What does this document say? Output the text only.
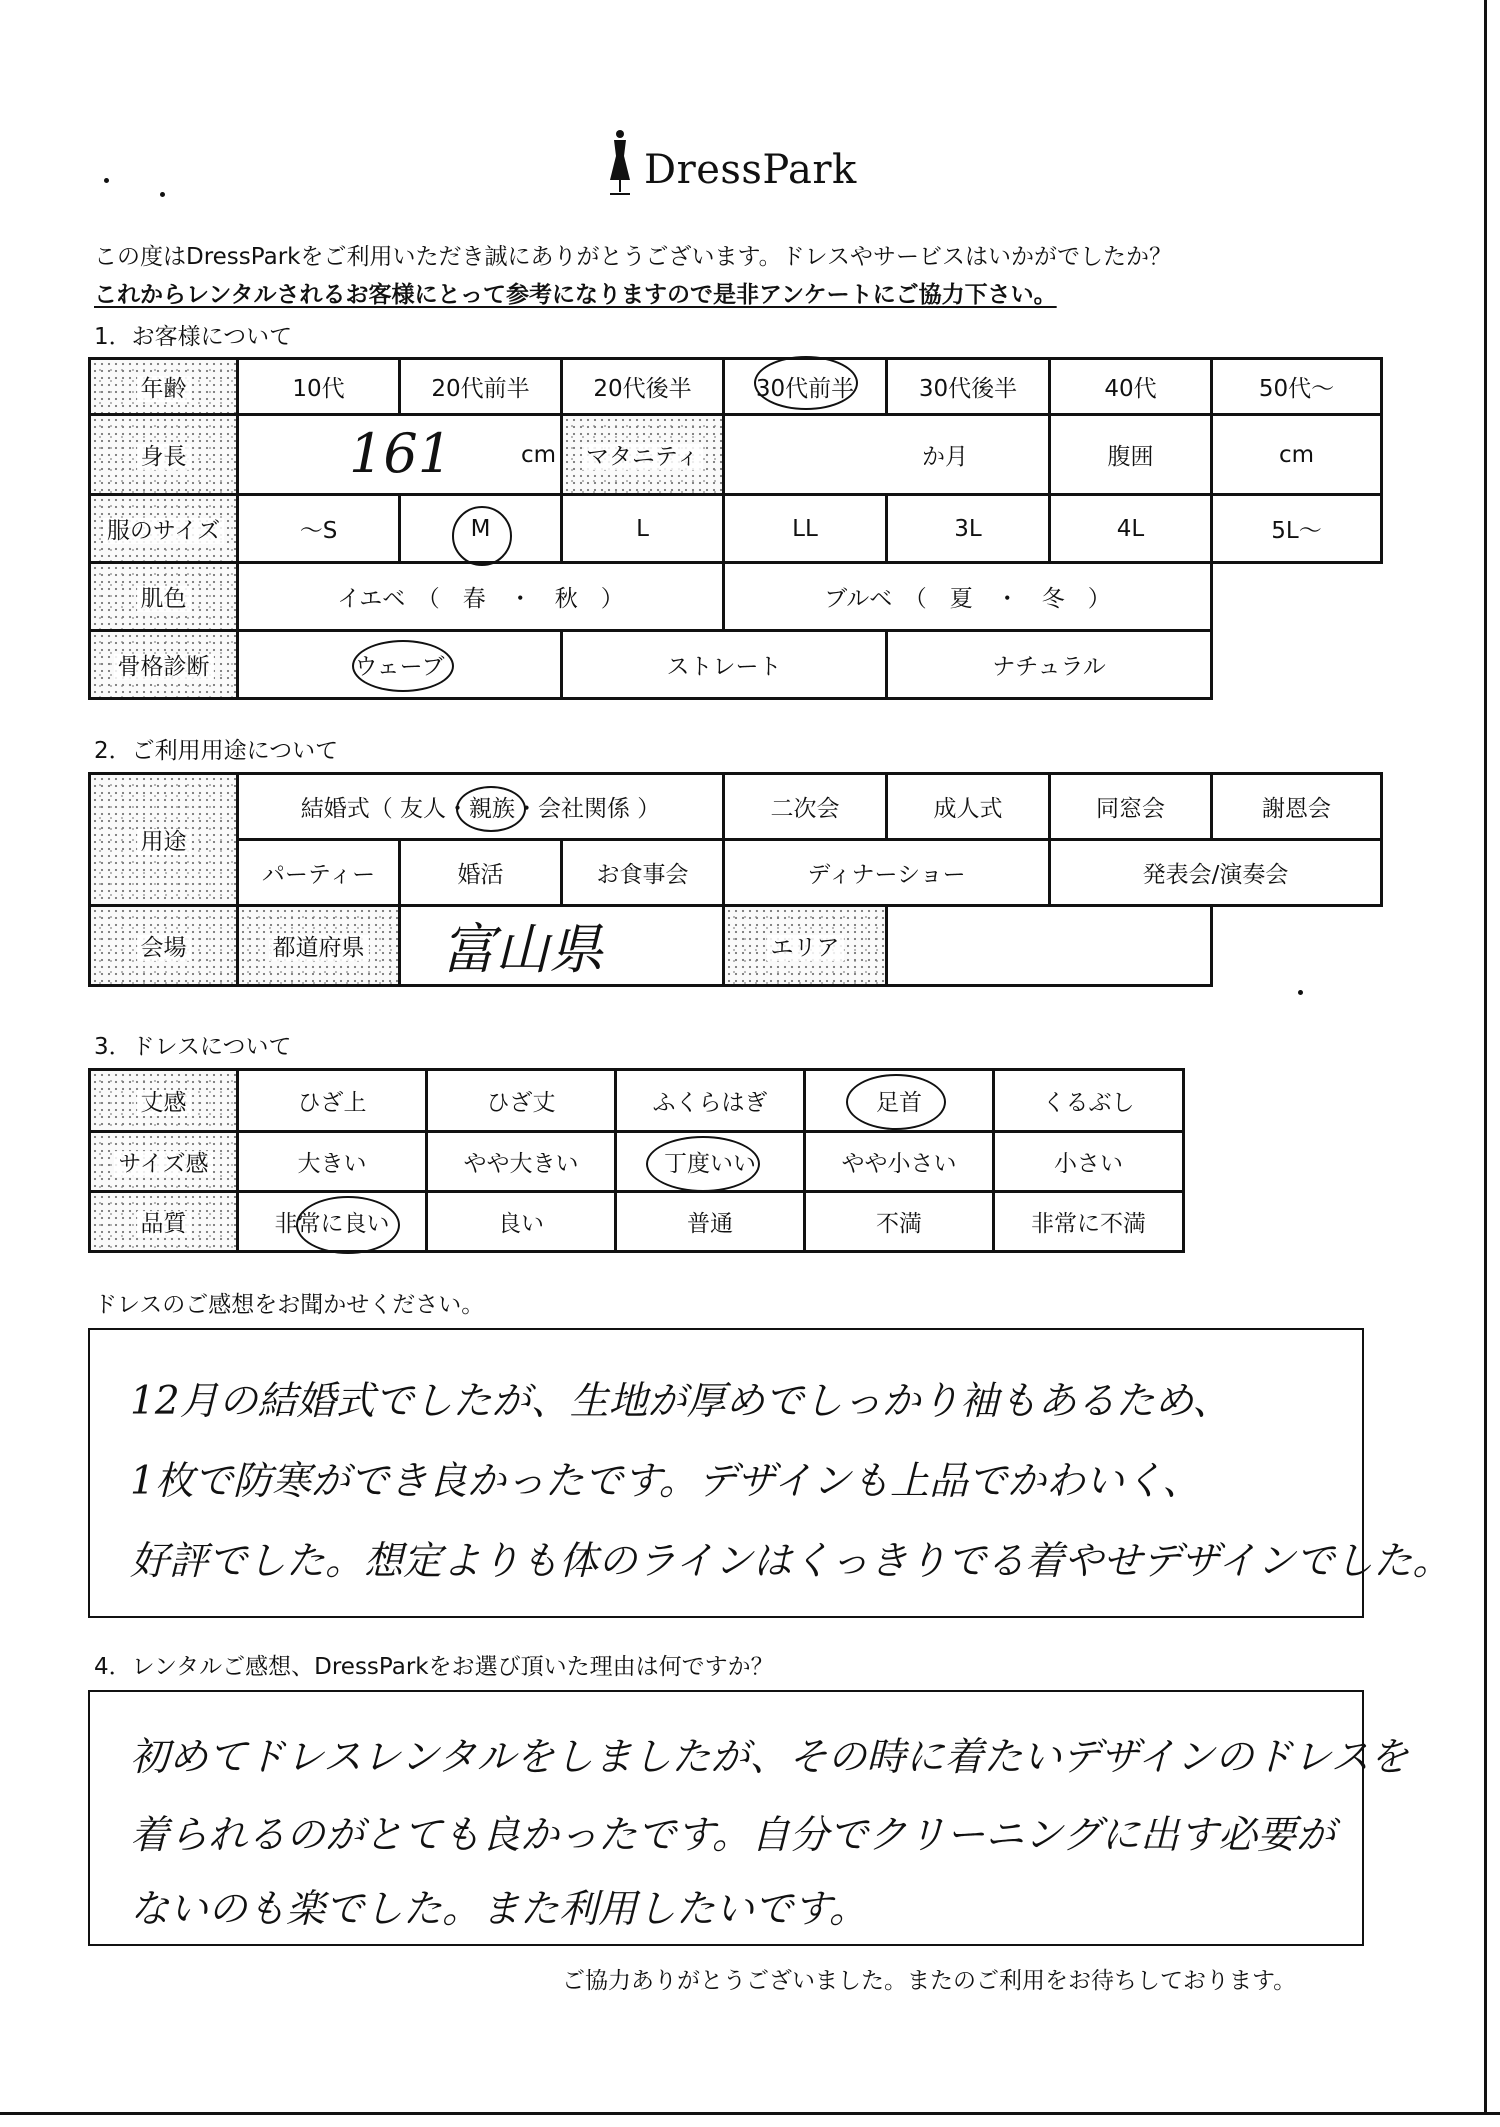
DressPark
この度はDressParkをご利用いただき誠にありがとうございます。ドレスやサービスはいかがでしたか？
これからレンタルされるお客様にとって参考になりますので是非アンケートにご協力下さい。
1．お客様について
年齢	10代	20代前半	20代後半	30代前半	30代後半	40代	50代～
身長	161 cm		マタニティ	か月		腹囲	cm
服のサイズ	～S	M	L	LL	3L	4L	5L～
肌色	イエベ　（　春　・　秋　）			ブルベ　（　夏　・　冬　）			
骨格診断	ウェーブ		ストレート		ナチュラル		
2．ご利用用途について
用途	結婚式（ 友人・親族・会社関係 ）			二次会	成人式	同窓会	謝恩会
	パーティー	婚活	お食事会	ディナーショー		発表会/演奏会	
会場	都道府県	富山県		エリア			
3．ドレスについて
丈感	ひざ上	ひざ丈	ふくらはぎ	足首	くるぶし
サイズ感	大きい	やや大きい	丁度いい	やや小さい	小さい
品質	非常に良い	良い	普通	不満	非常に不満
ドレスのご感想をお聞かせください。
12月の結婚式でしたが、生地が厚めでしっかり袖もあるため、
1枚で防寒ができ良かったです。デザインも上品でかわいく、
好評でした。想定よりも体のラインはくっきりでる着やせデザインでした。
4．レンタルご感想、DressParkをお選び頂いた理由は何ですか？
初めてドレスレンタルをしましたが、その時に着たいデザインのドレスを
着られるのがとても良かったです。自分でクリーニングに出す必要が
ないのも楽でした。また利用したいです。
ご協力ありがとうございました。またのご利用をお待ちしております。
